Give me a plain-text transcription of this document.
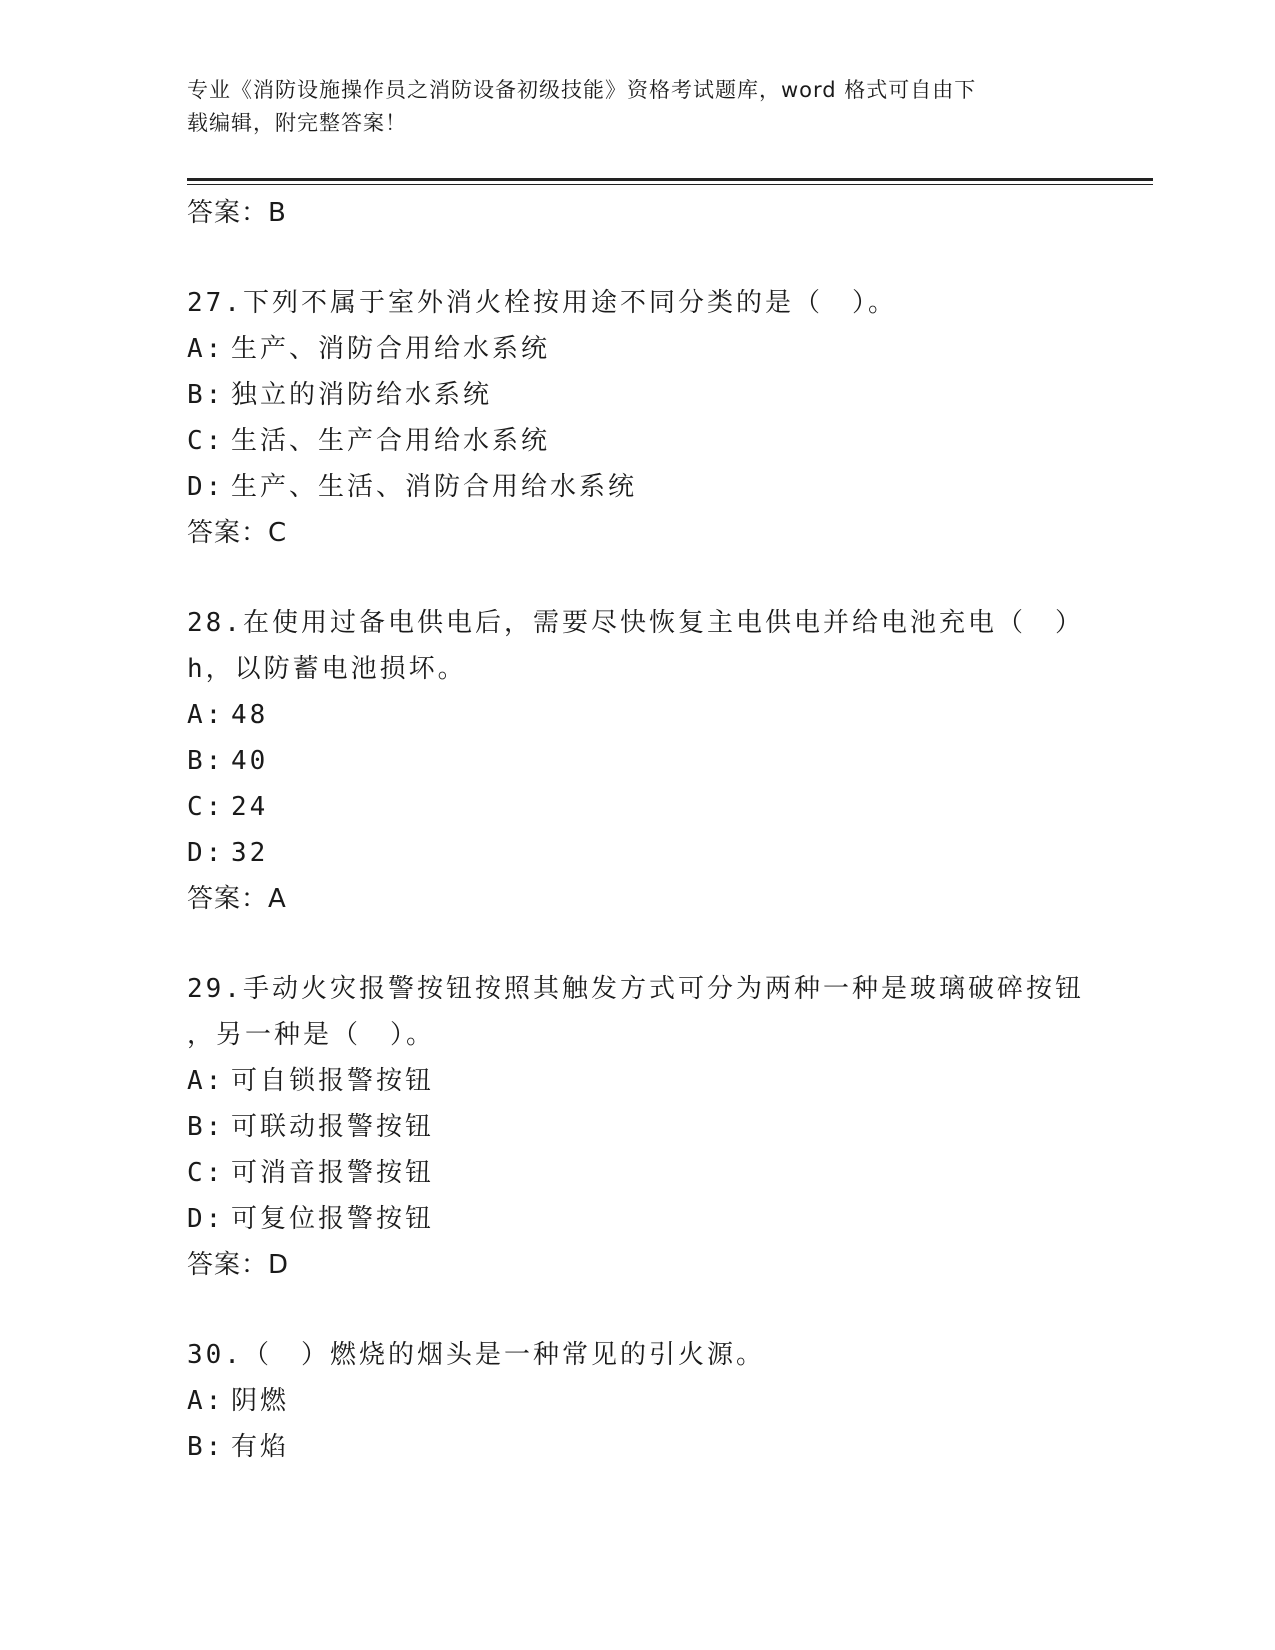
专业《消防设施操作员之消防设备初级技能》资格考试题库，word 格式可自由下
载编辑，附完整答案！
答案：B
27.下列不属于室外消火栓按用途不同分类的是（　）。
A: 生产、消防合用给水系统
B: 独立的消防给水系统
C: 生活、生产合用给水系统
D: 生产、生活、消防合用给水系统
答案：C
28.在使用过备电供电后，需要尽快恢复主电供电并给电池充电（　）
h，以防蓄电池损坏。
A: 48
B: 40
C: 24
D: 32
答案：A
29.手动火灾报警按钮按照其触发方式可分为两种一种是玻璃破碎按钮
，另一种是（　）。
A: 可自锁报警按钮
B: 可联动报警按钮
C: 可消音报警按钮
D: 可复位报警按钮
答案：D
30.（　）燃烧的烟头是一种常见的引火源。
A: 阴燃
B: 有焰
